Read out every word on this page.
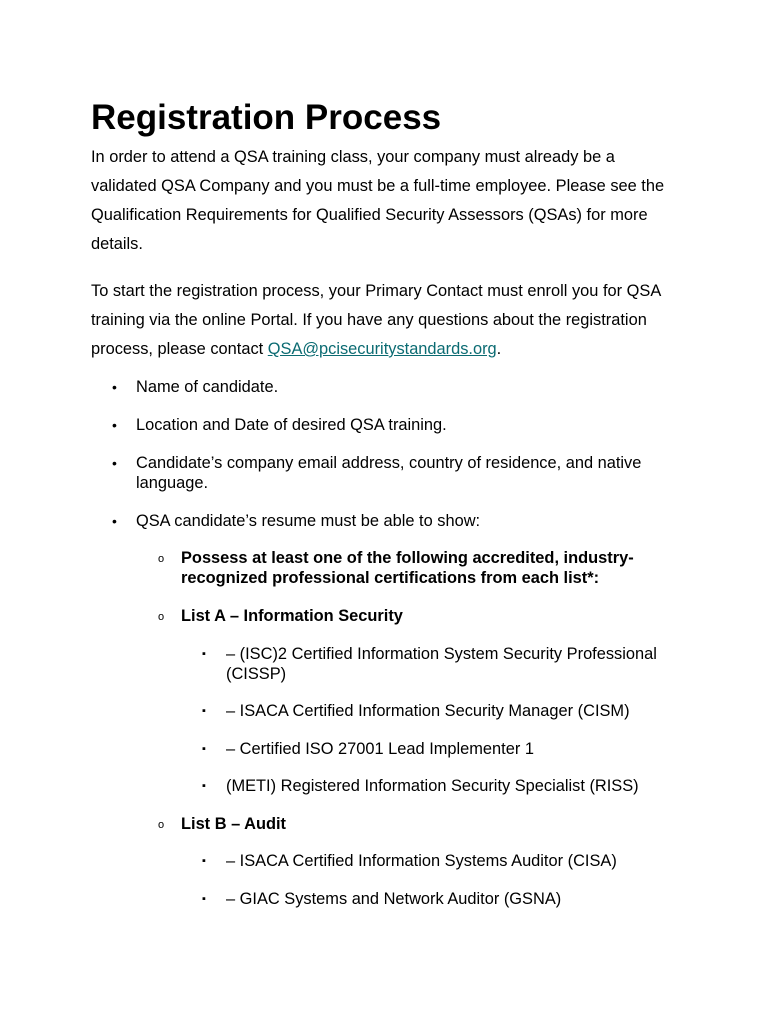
Registration Process

In order to attend a QSA training class, your company must already be a validated QSA Company and you must be a full-time employee. Please see the Qualification Requirements for Qualified Security Assessors (QSAs) for more details.

To start the registration process, your Primary Contact must enroll you for QSA training via the online Portal. If you have any questions about the registration process, please contact QSA@pcisecuritystandards.org.

• Name of candidate.
• Location and Date of desired QSA training.
• Candidate’s company email address, country of residence, and native language.
• QSA candidate’s resume must be able to show:
o Possess at least one of the following accredited, industry-recognized professional certifications from each list*:
o List A – Information Security
▪ – (ISC)2 Certified Information System Security Professional (CISSP)
▪ – ISACA Certified Information Security Manager (CISM)
▪ – Certified ISO 27001 Lead Implementer 1
▪ (METI) Registered Information Security Specialist (RISS)
o List B – Audit
▪ – ISACA Certified Information Systems Auditor (CISA)
▪ – GIAC Systems and Network Auditor (GSNA)
